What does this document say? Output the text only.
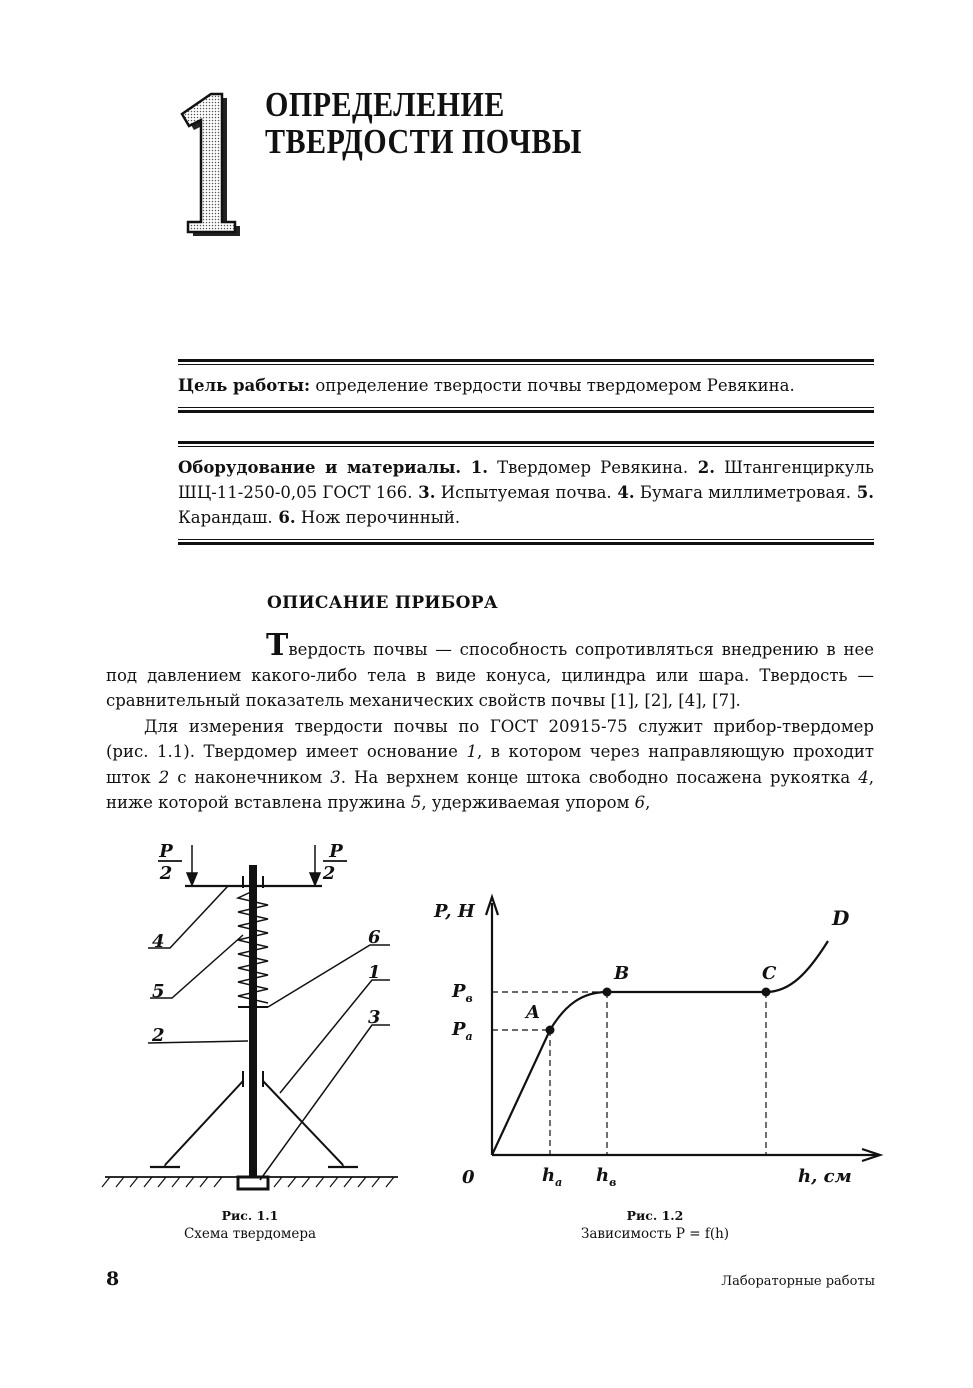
1 ОПРЕДЕЛЕНИЕ
ТВЕРДОСТИ ПОЧВЫ
Цель работы: определение твердости почвы твердомером Ревякина.
Оборудование и материалы. 1. Твердомер Ревякина. 2. Штангенциркуль ШЦ-11-250-0,05 ГОСТ 166. 3. Испытуемая почва. 4. Бумага миллиметровая. 5. Карандаш. 6. Нож перочинный.
ОПИСАНИЕ ПРИБОРА

Твердость почвы — способность сопротивляться внедрению в нее под давлением какого-либо тела в виде конуса, цилиндра или шара. Твердость — сравнительный показатель механических свойств почвы [1], [2], [4], [7].

Для измерения твердости почвы по ГОСТ 20915-75 служит прибор-твердомер (рис. 1.1). Твердомер имеет основание 1, в котором через направляющую проходит шток 2 с наконечником 3. На верхнем конце штока свободно посажена рукоятка 4, ниже которой вставлена пружина 5, удерживаемая упором 6,

P
2
P
2
4
5
2
6
1
3
Рис. 1.1
Схема твердомера
P, Н
h, см
0
$P_в$
$P_а$
$h_а$ $h_в$
A
B	C
D
Рис. 1.2
Зависимость P = f(h)
8	Лабораторные работы
